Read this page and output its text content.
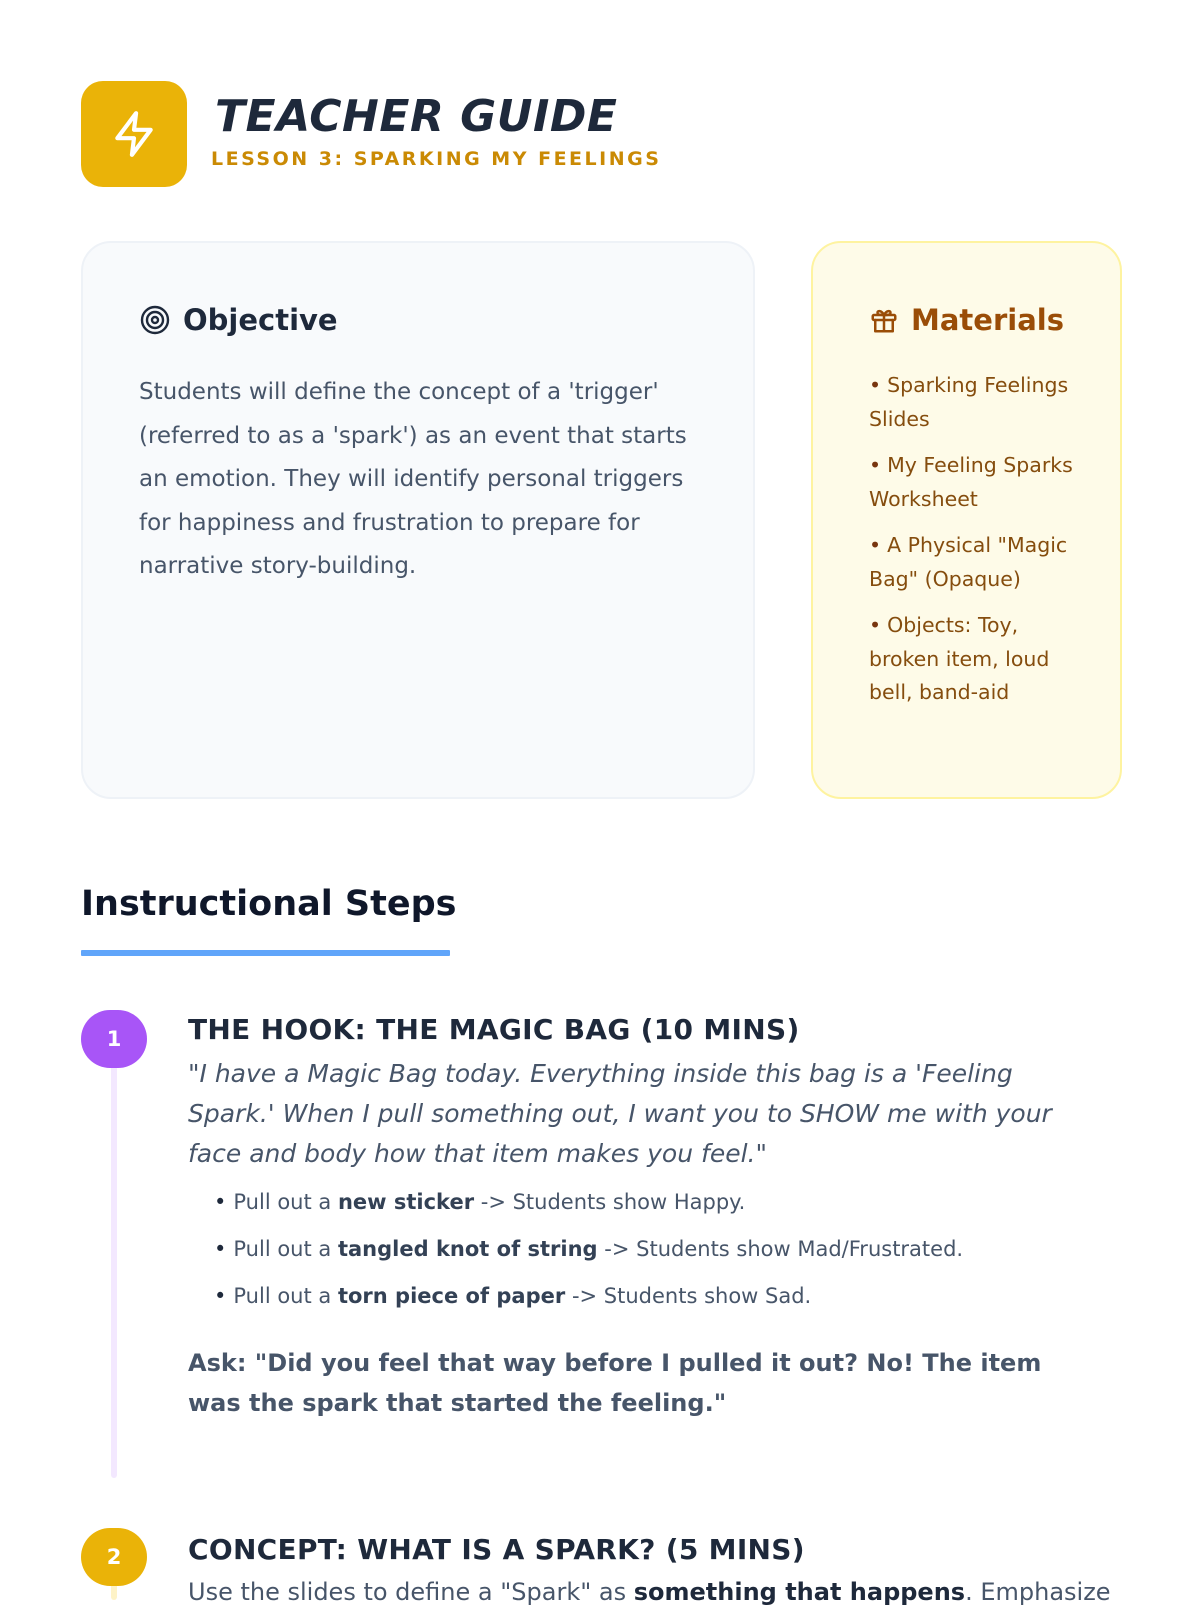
TEACHER GUIDE
LESSON 3: SPARKING MY FEELINGS
Objective
Students will define the concept of a 'trigger' (referred to as a 'spark') as an event that starts an emotion. They will identify personal triggers for happiness and frustration to prepare for narrative story-building.
Materials
• Sparking Feelings Slides
• My Feeling Sparks Worksheet
• A Physical "Magic Bag" (Opaque)
• Objects: Toy, broken item, loud bell, band-aid
Instructional Steps
1 THE HOOK: THE MAGIC BAG (10 MINS)
"I have a Magic Bag today. Everything inside this bag is a 'Feeling Spark.' When I pull something out, I want you to SHOW me with your face and body how that item makes you feel."
• Pull out a new sticker -> Students show Happy.
• Pull out a tangled knot of string -> Students show Mad/Frustrated.
• Pull out a torn piece of paper -> Students show Sad.
Ask: "Did you feel that way before I pulled it out? No! The item was the spark that started the feeling."
2 CONCEPT: WHAT IS A SPARK? (5 MINS)
Use the slides to define a "Spark" as something that happens. Emphasize
